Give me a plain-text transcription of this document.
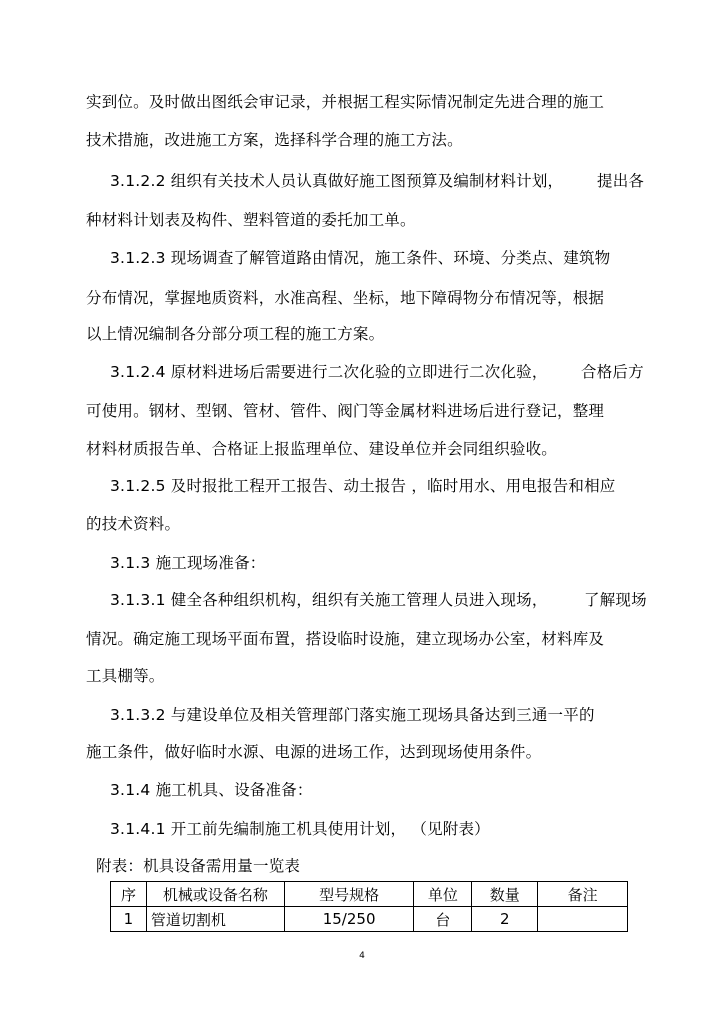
实到位。及时做出图纸会审记录，并根据工程实际情况制定先进合理的施工
技术措施，改进施工方案，选择科学合理的施工方法。
3.1.2.2 组织有关技术人员认真做好施工图预算及编制材料计划， 提出各
种材料计划表及构件、塑料管道的委托加工单。
3.1.2.3 现场调查了解管道路由情况，施工条件、环境、分类点、建筑物
分布情况，掌握地质资料，水准高程、坐标，地下障碍物分布情况等，根据
以上情况编制各分部分项工程的施工方案。
3.1.2.4 原材料进场后需要进行二次化验的立即进行二次化验， 合格后方
可使用。钢材、型钢、管材、管件、阀门等金属材料进场后进行登记，整理
材料材质报告单、合格证上报监理单位、建设单位并会同组织验收。
3.1.2.5 及时报批工程开工报告、动土报告 ，临时用水、用电报告和相应
的技术资料。
3.1.3 施工现场准备：
3.1.3.1 健全各种组织机构，组织有关施工管理人员进入现场， 了解现场
情况。确定施工现场平面布置，搭设临时设施，建立现场办公室，材料库及
工具棚等。
3.1.3.2 与建设单位及相关管理部门落实施工现场具备达到三通一平的
施工条件，做好临时水源、电源的进场工作，达到现场使用条件。
3.1.4 施工机具、设备准备：
3.1.4.1 开工前先编制施工机具使用计划， （见附表）
附表：机具设备需用量一览表
序	机械或设备名称	型号规格	单位	数量	备注
1	管道切割机	15/250	台	2	
4
